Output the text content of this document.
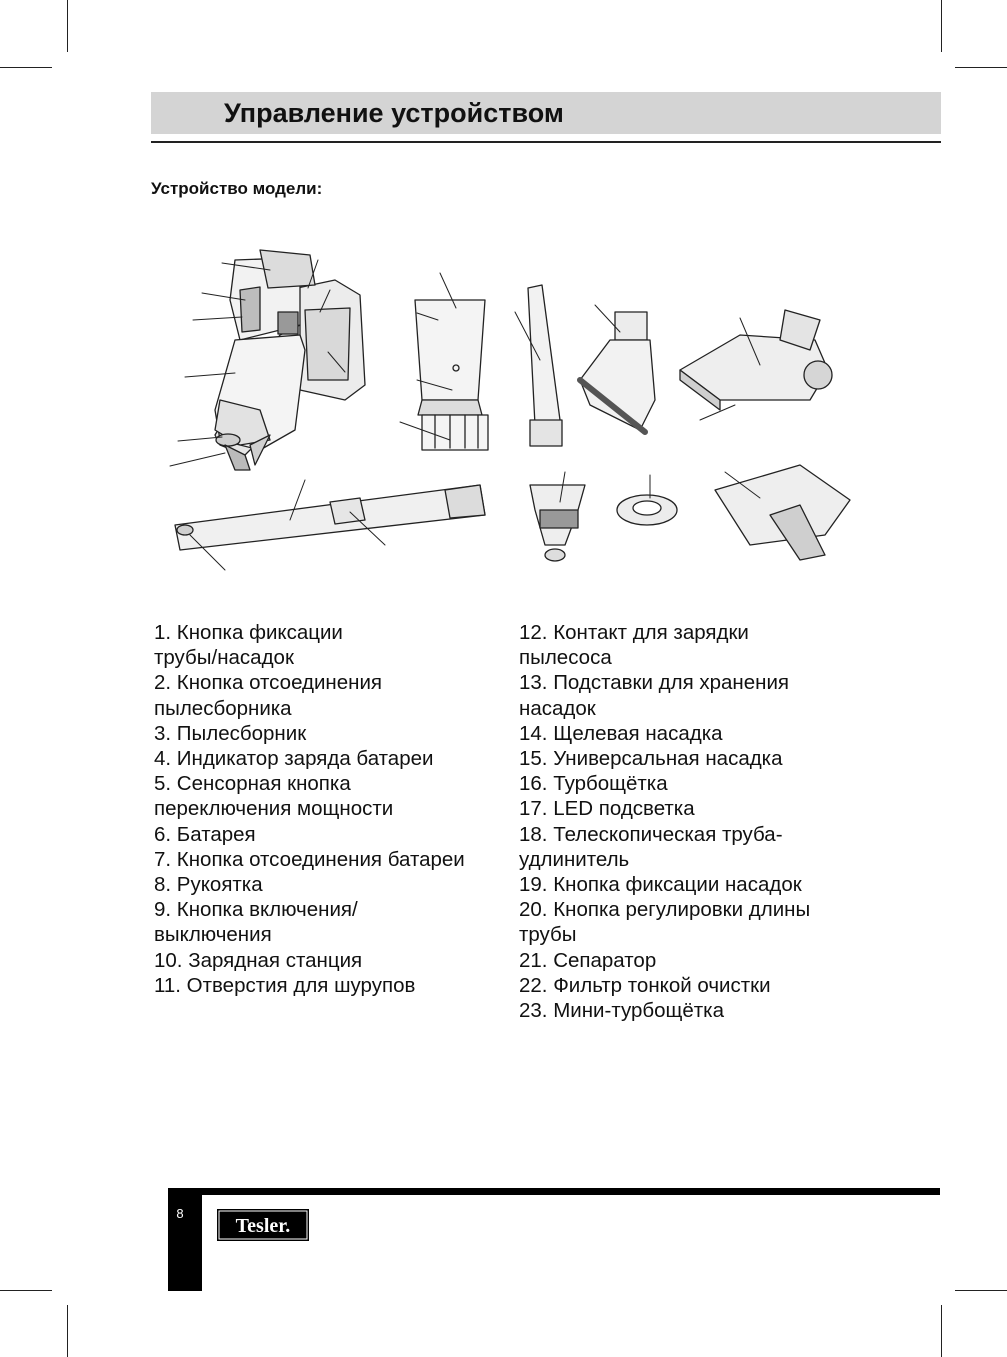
Управление устройством
Устройство модели:
1. Кнопка фиксации
трубы/насадок
2. Кнопка отсоединения
пылесборника
3. Пылесборник
4. Индикатор заряда батареи
5. Сенсорная кнопка
переключения мощности
6. Батарея
7. Кнопка отсоединения батареи
8. Рукоятка
9. Кнопка включения/
выключения
10. Зарядная станция
11. Отверстия для шурупов
12. Контакт для зарядки
пылесоса
13. Подставки для хранения
насадок
14. Щелевая насадка
15. Универсальная насадка
16. Турбощётка
17. LED подсветка
18. Телескопическая труба-
удлинитель
19. Кнопка фиксации насадок
20. Кнопка регулировки длины
трубы
21. Сепаратор
22. Фильтр тонкой очистки
23. Мини-турбощётка
8
Tesler.
